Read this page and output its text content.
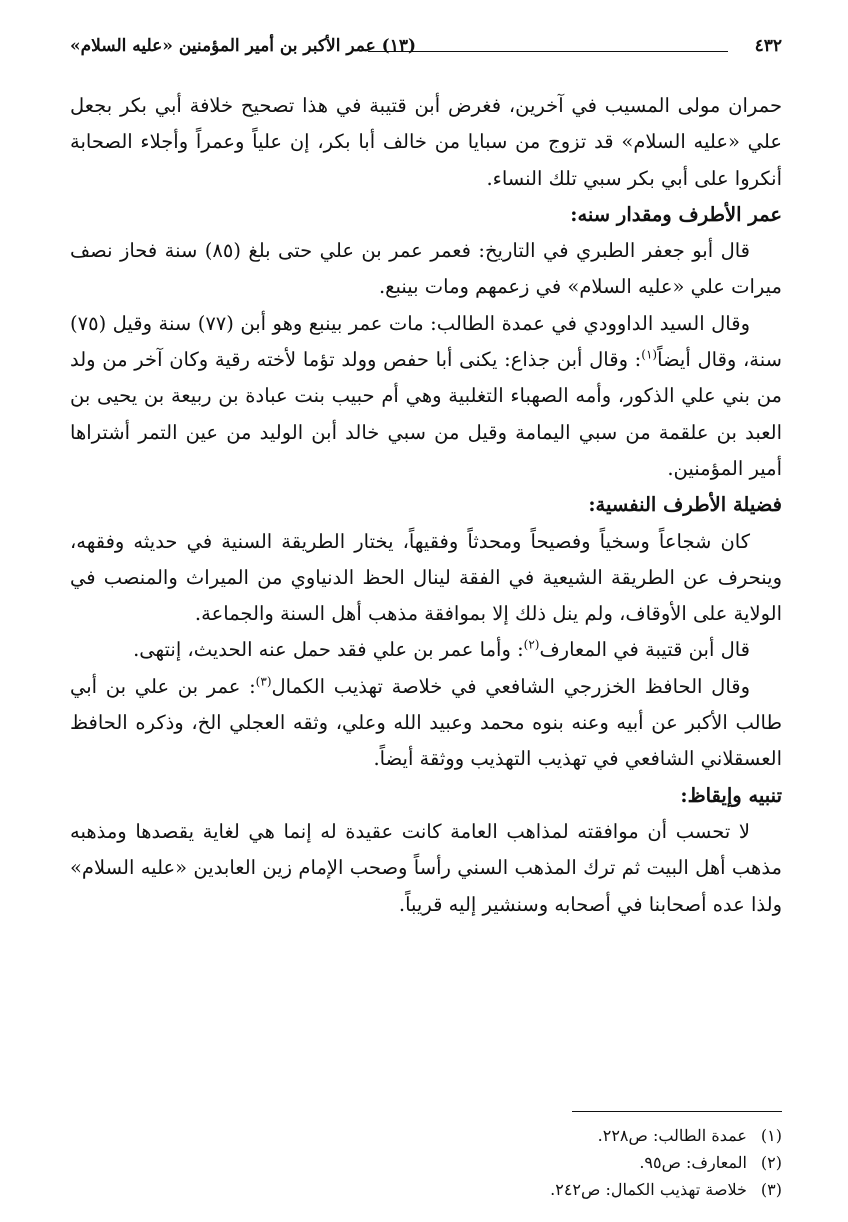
٤٣٢
(١٣) عمر الأكبر بن أمير المؤمنين «عليه السلام»

حمران مولى المسيب في آخرين، فغرض أبن قتيبة في هذا تصحيح خلافة أبي بكر بجعل علي «عليه السلام» قد تزوج من سبايا من خالف أبا بكر، إن علياً وعمراً وأجلاء الصحابة أنكروا على أبي بكر سبي تلك النساء.

عمر الأطرف ومقدار سنه:

قال أبو جعفر الطبري في التاريخ: فعمر عمر بن علي حتى بلغ (٨٥) سنة فحاز نصف ميرات علي «عليه السلام» في زعمهم ومات بينبع.

وقال السيد الداوودي في عمدة الطالب: مات عمر بينبع وهو أبن (٧٧) سنة وقيل (٧٥) سنة، وقال أيضاً$^{(١)}$: وقال أبن جذاع: يكنى أبا حفص وولد تؤما لأخته رقية وكان آخر من ولد من بني علي الذكور، وأمه الصهباء التغلبية وهي أم حبيب بنت عبادة بن ربيعة بن يحيى بن العبد بن علقمة من سبي اليمامة وقيل من سبي خالد أبن الوليد من عين التمر أشتراها أمير المؤمنين.

فضيلة الأطرف النفسية:

كان شجاعاً وسخياً وفصيحاً ومحدثاً وفقيهاً، يختار الطريقة السنية في حديثه وفقهه، وينحرف عن الطريقة الشيعية في الفقة لينال الحظ الدنياوي من الميراث والمنصب في الولاية على الأوقاف، ولم ينل ذلك إلا بموافقة مذهب أهل السنة والجماعة.

قال أبن قتيبة في المعارف$^{(٢)}$: وأما عمر بن علي فقد حمل عنه الحديث، إنتهى.

وقال الحافظ الخزرجي الشافعي في خلاصة تهذيب الكمال$^{(٣)}$: عمر بن علي بن أبي طالب الأكبر عن أبيه وعنه بنوه محمد وعبيد الله وعلي، وثقه العجلي الخ، وذكره الحافظ العسقلاني الشافعي في تهذيب التهذيب ووثقة أيضاً.

تنبيه وإيقاظ:

لا تحسب أن موافقته لمذاهب العامة كانت عقيدة له إنما هي لغاية يقصدها ومذهبه مذهب أهل البيت ثم ترك المذهب السني رأساً وصحب الإمام زين العابدين «عليه السلام» ولذا عده أصحابنا في أصحابه وسنشير إليه قريباً.

(١) عمدة الطالب: ص٢٢٨.
(٢) المعارف: ص٩٥.
(٣) خلاصة تهذيب الكمال: ص٢٤٢.
